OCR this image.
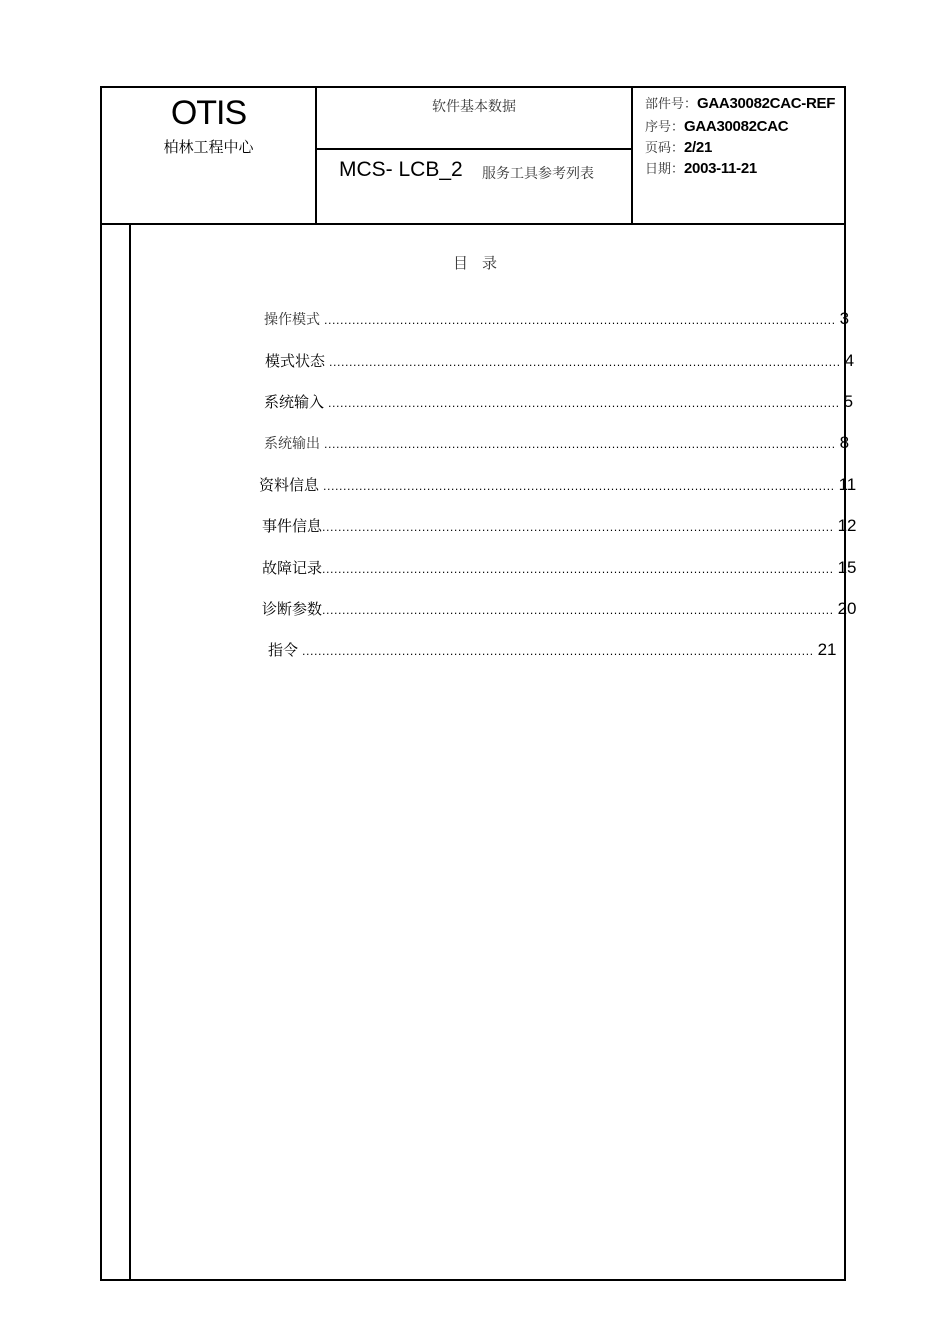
OTIS
柏林工程中心
软件基本数据
MCS- LCB_2 服务工具参考列表
部件号：GAA30082CAC-REF
序号：GAA30082CAC
页码：2/21
日期：2003-11-21
目录
操作模式 ................................................................................................................................ 3
模式状态 ................................................................................................................................ 4
系统输入 ................................................................................................................................ 5
系统输出 ................................................................................................................................ 8
资料信息 ................................................................................................................................ 11
事件信息 ................................................................................................................................ 12
故障记录 ................................................................................................................................ 15
诊断参数 ................................................................................................................................ 20
指令 ................................................................................................................................ 21
